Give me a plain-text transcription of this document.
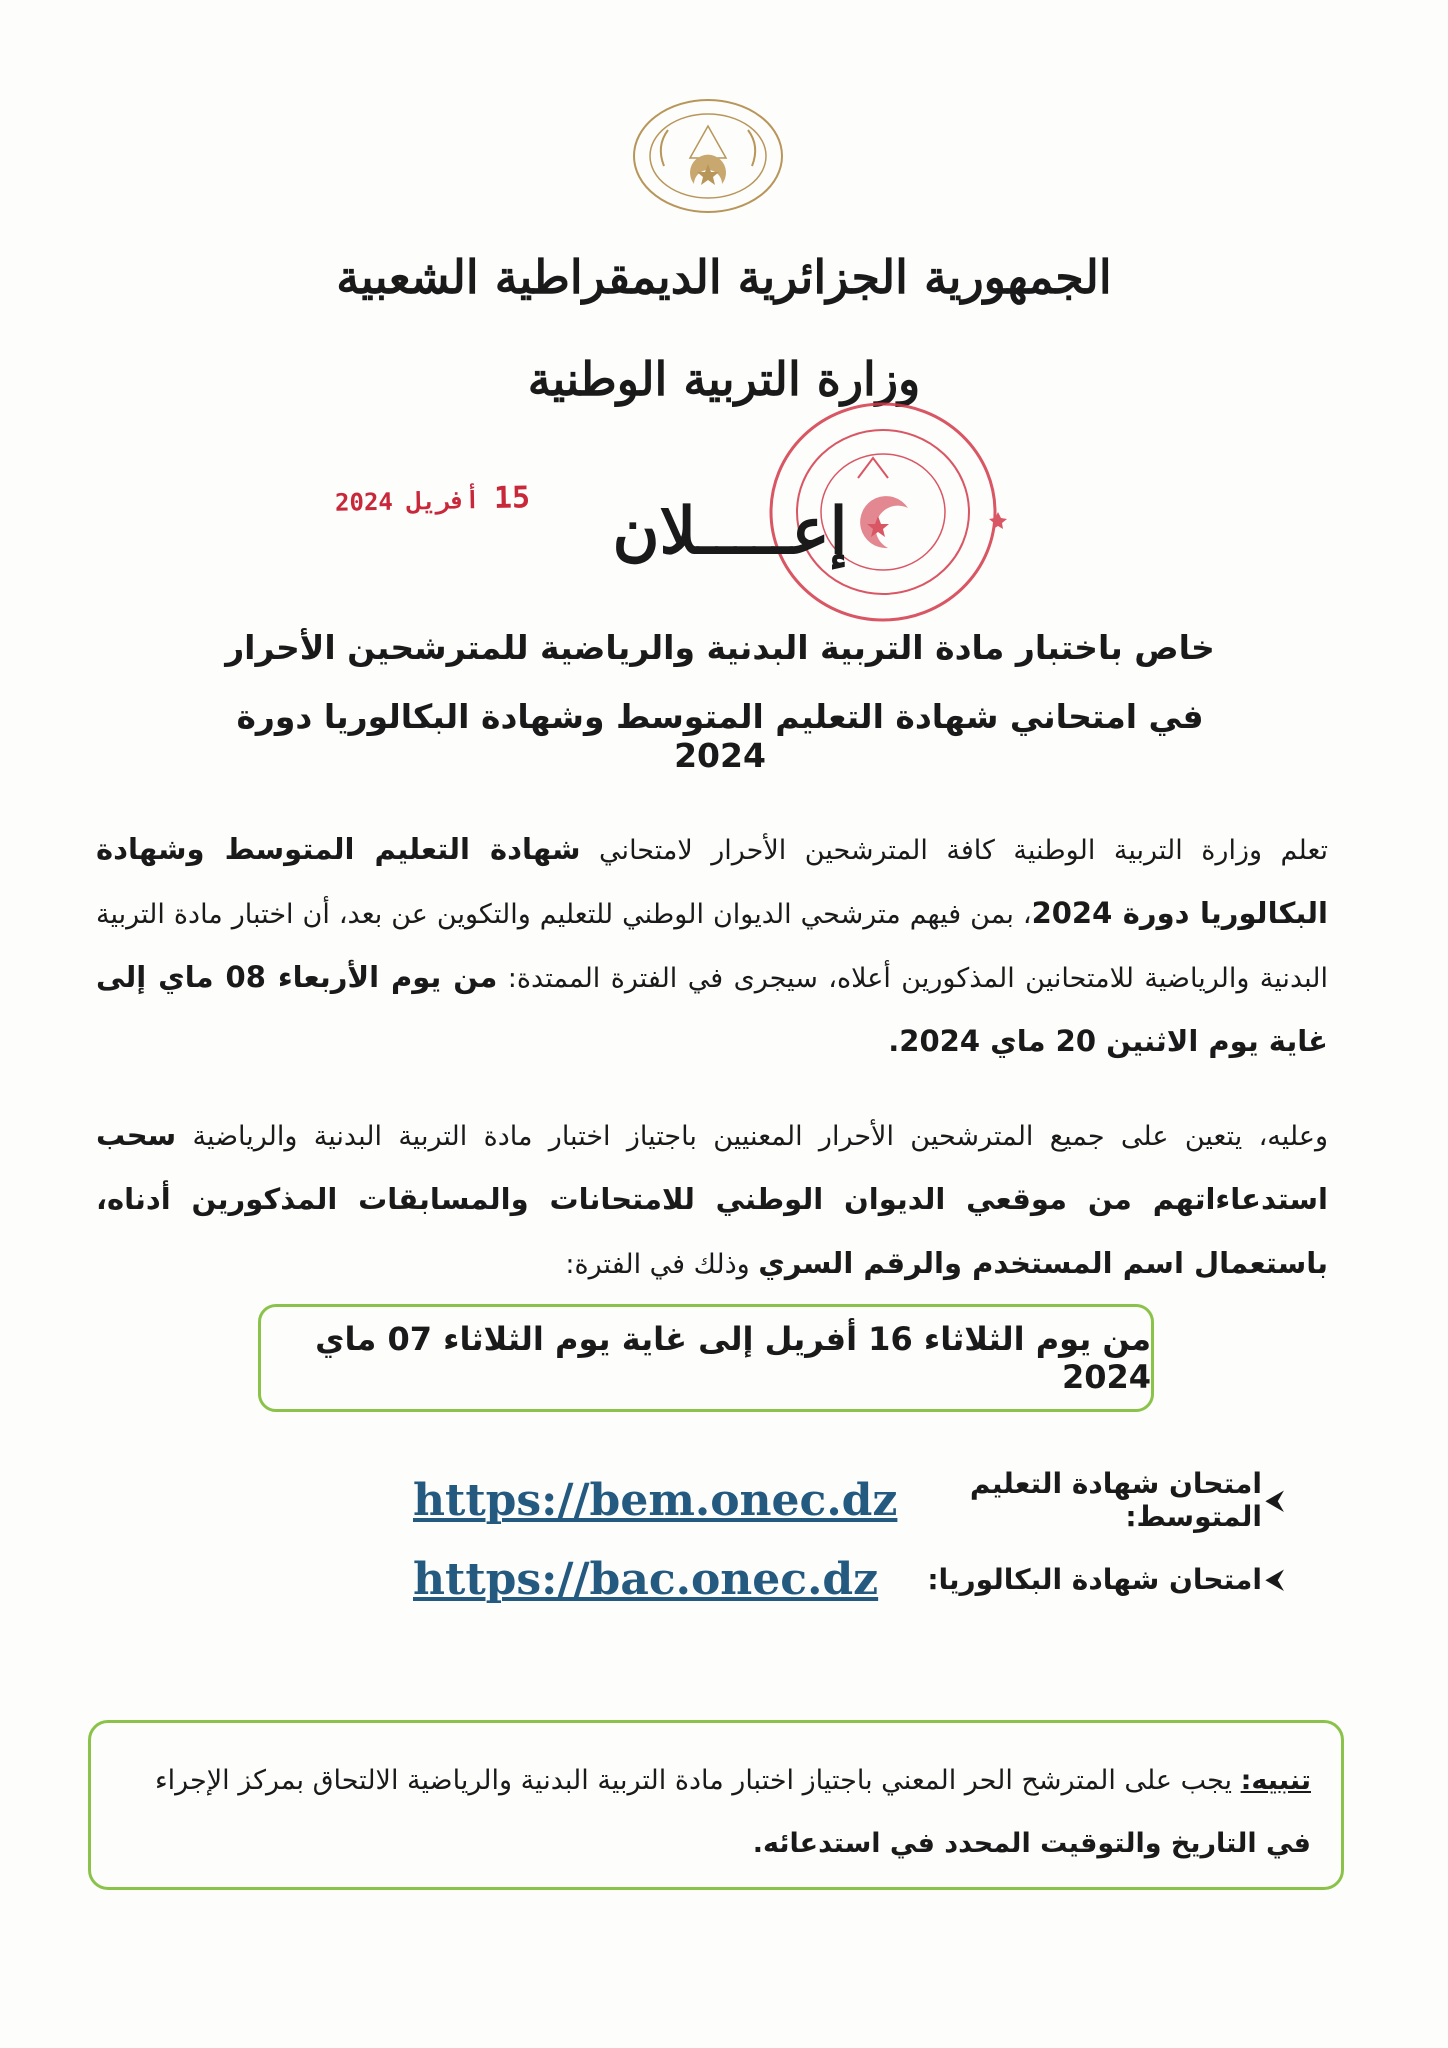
الجمهورية الجزائرية الديمقراطية الشعبية
وزارة التربية الوطنية
15 أفريل 2024	إعـــــلان
خاص باختبار مادة التربية البدنية والرياضية للمترشحين الأحرار
في امتحاني شهادة التعليم المتوسط وشهادة البكالوريا دورة 2024
تعلم وزارة التربية الوطنية كافة المترشحين الأحرار لامتحاني شهادة التعليم المتوسط وشهادة البكالوريا دورة 2024، بمن فيهم مترشحي الديوان الوطني للتعليم والتكوين عن بعد، أن اختبار مادة التربية البدنية والرياضية للامتحانين المذكورين أعلاه، سيجرى في الفترة الممتدة: من يوم الأربعاء 08 ماي إلى غاية يوم الاثنين 20 ماي 2024.
وعليه، يتعين على جميع المترشحين الأحرار المعنيين باجتياز اختبار مادة التربية البدنية والرياضية سحب استدعاءاتهم من موقعي الديوان الوطني للامتحانات والمسابقات المذكورين أدناه، باستعمال اسم المستخدم والرقم السري وذلك في الفترة:
من يوم الثلاثاء 16 أفريل إلى غاية يوم الثلاثاء 07 ماي 2024
⮜
امتحان شهادة التعليم المتوسط:
https://bem.onec.dz
⮜
امتحان شهادة البكالوريا:
https://bac.onec.dz
تنبيه: يجب على المترشح الحر المعني باجتياز اختبار مادة التربية البدنية والرياضية الالتحاق بمركز الإجراء في التاريخ والتوقيت المحدد في استدعائه.
